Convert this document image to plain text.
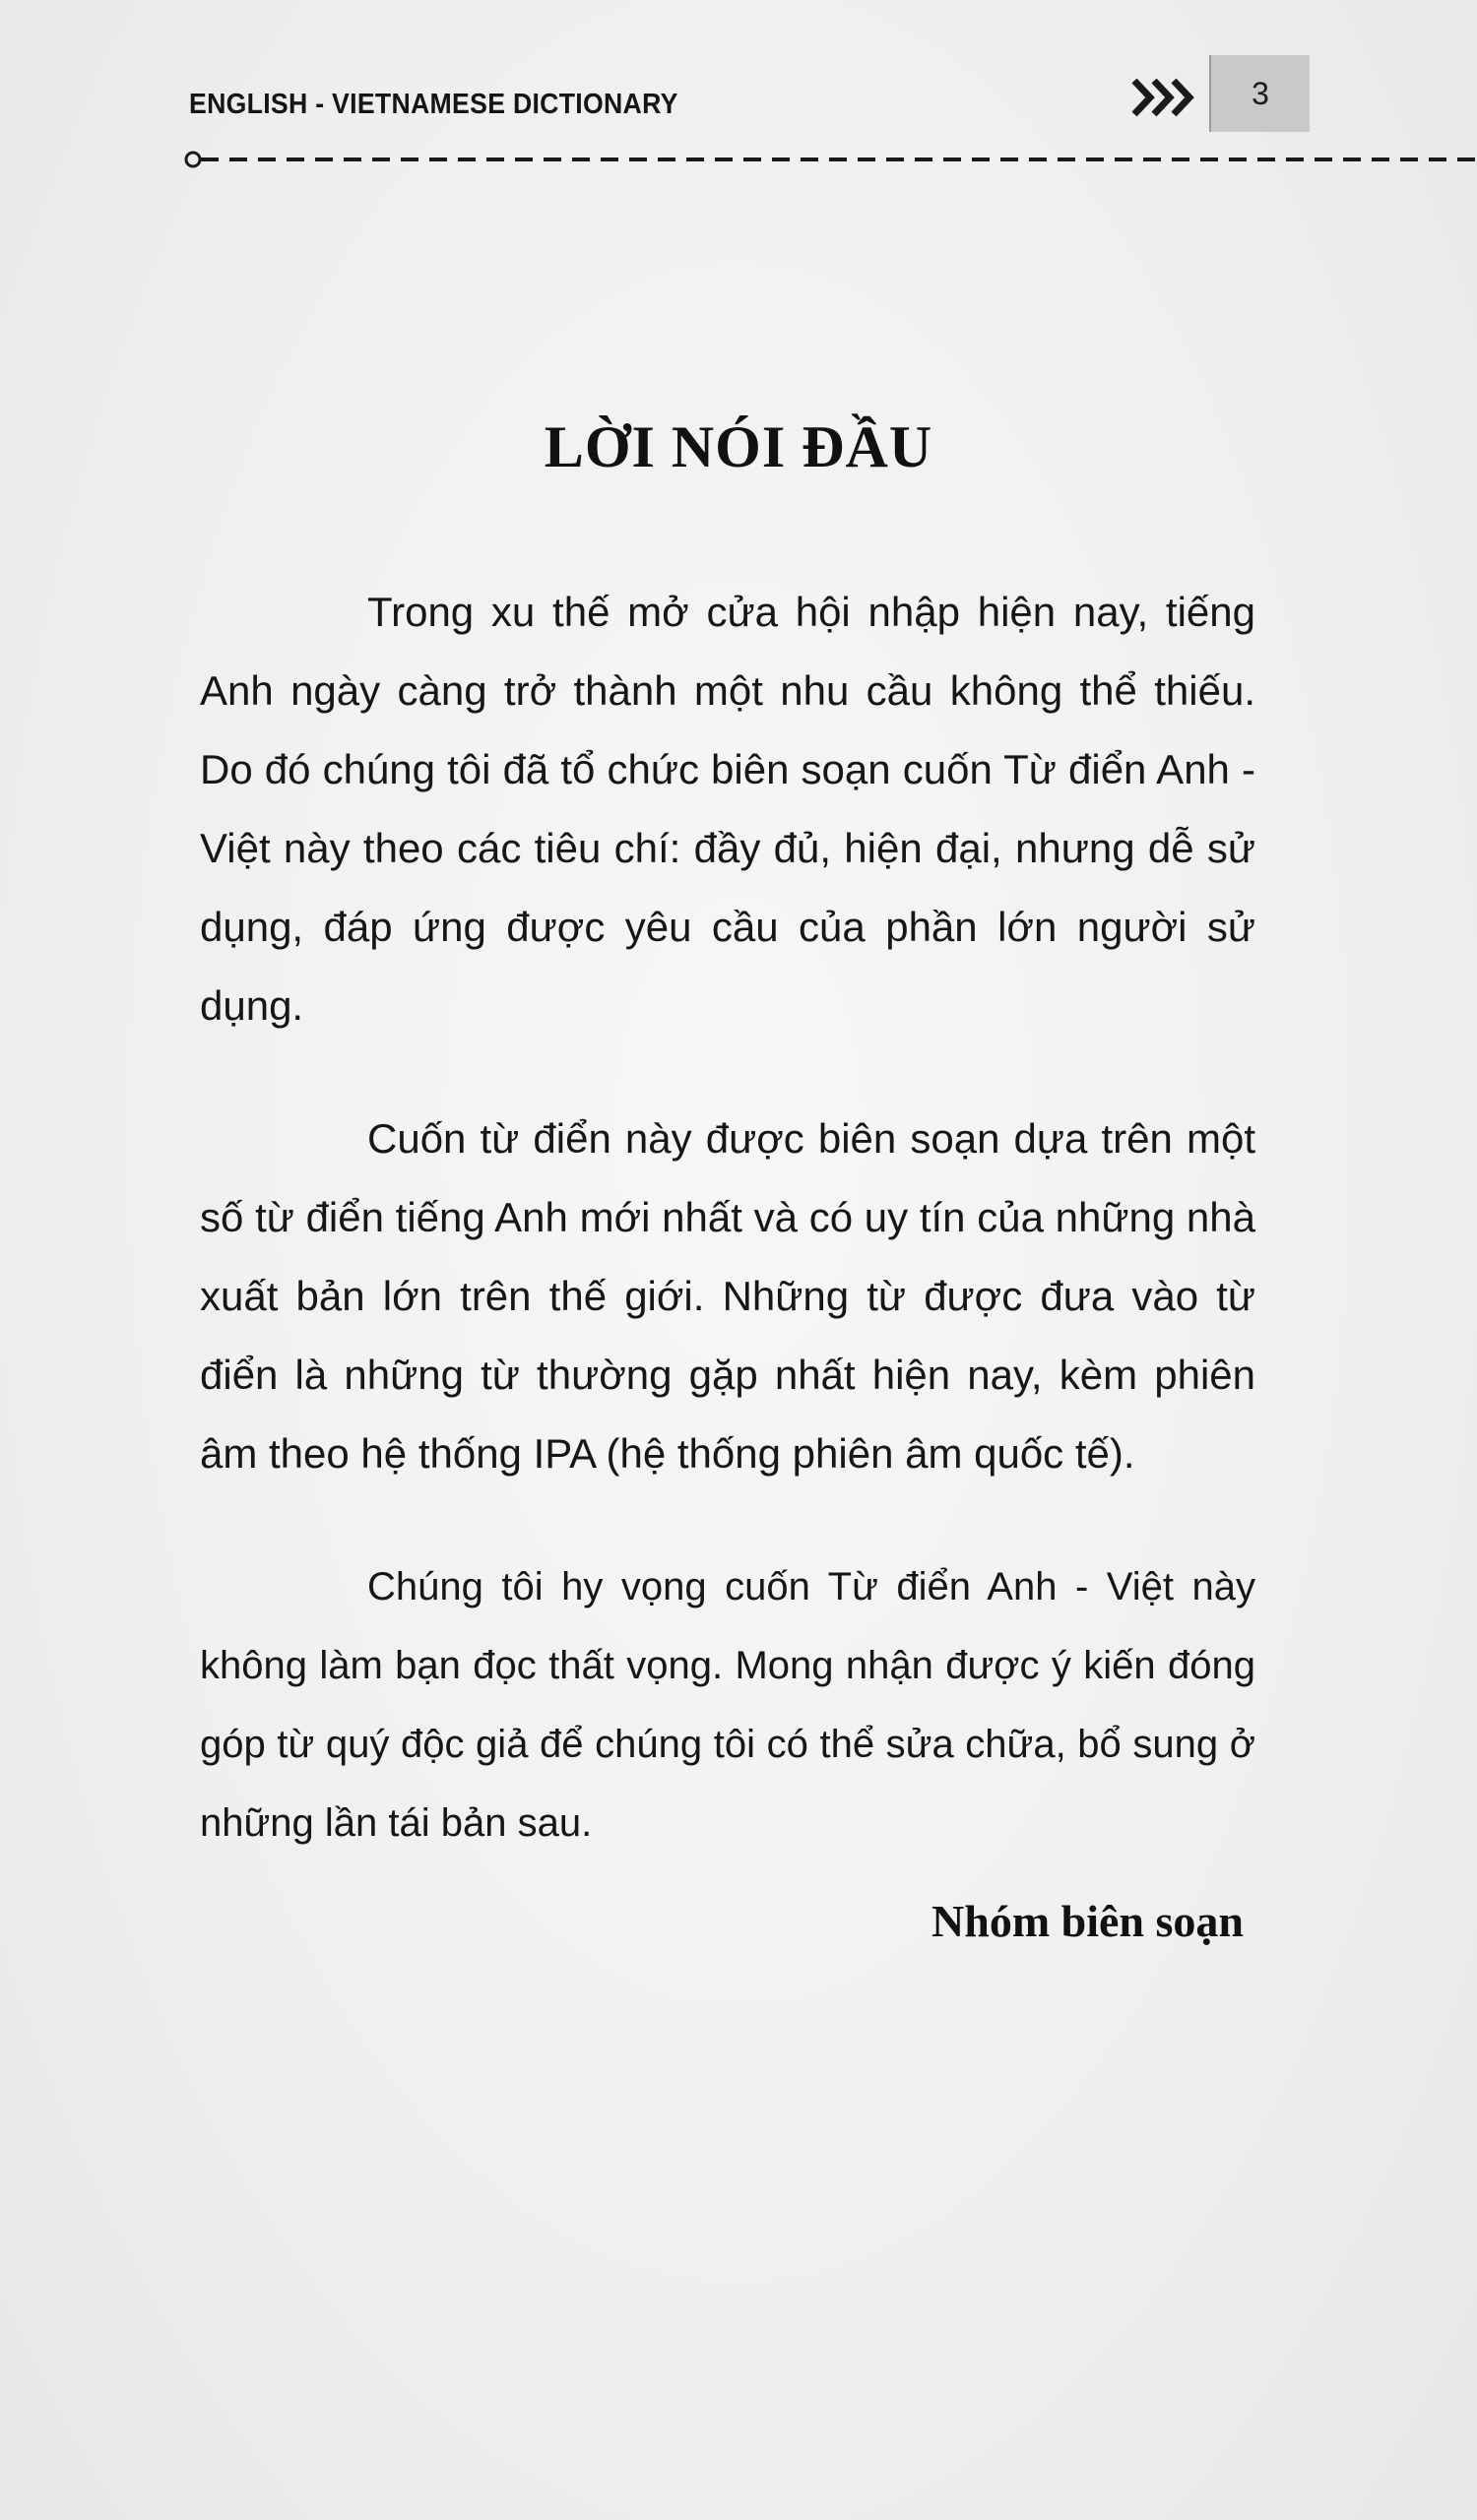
ENGLISH - VIETNAMESE DICTIONARY	3
LỜI NÓI ĐẦU

Trong xu thế mở cửa hội nhập hiện nay, tiếng Anh ngày càng trở thành một nhu cầu không thể thiếu. Do đó chúng tôi đã tổ chức biên soạn cuốn Từ điển Anh - Việt này theo các tiêu chí: đầy đủ, hiện đại, nhưng dễ sử dụng, đáp ứng được yêu cầu của phần lớn người sử dụng.

Cuốn từ điển này được biên soạn dựa trên một số từ điển tiếng Anh mới nhất và có uy tín của những nhà xuất bản lớn trên thế giới. Những từ được đưa vào từ điển là những từ thường gặp nhất hiện nay, kèm phiên âm theo hệ thống IPA (hệ thống phiên âm quốc tế).

Chúng tôi hy vọng cuốn Từ điển Anh - Việt này không làm bạn đọc thất vọng. Mong nhận được ý kiến đóng góp từ quý độc giả để chúng tôi có thể sửa chữa, bổ sung ở những lần tái bản sau.

Nhóm biên soạn
